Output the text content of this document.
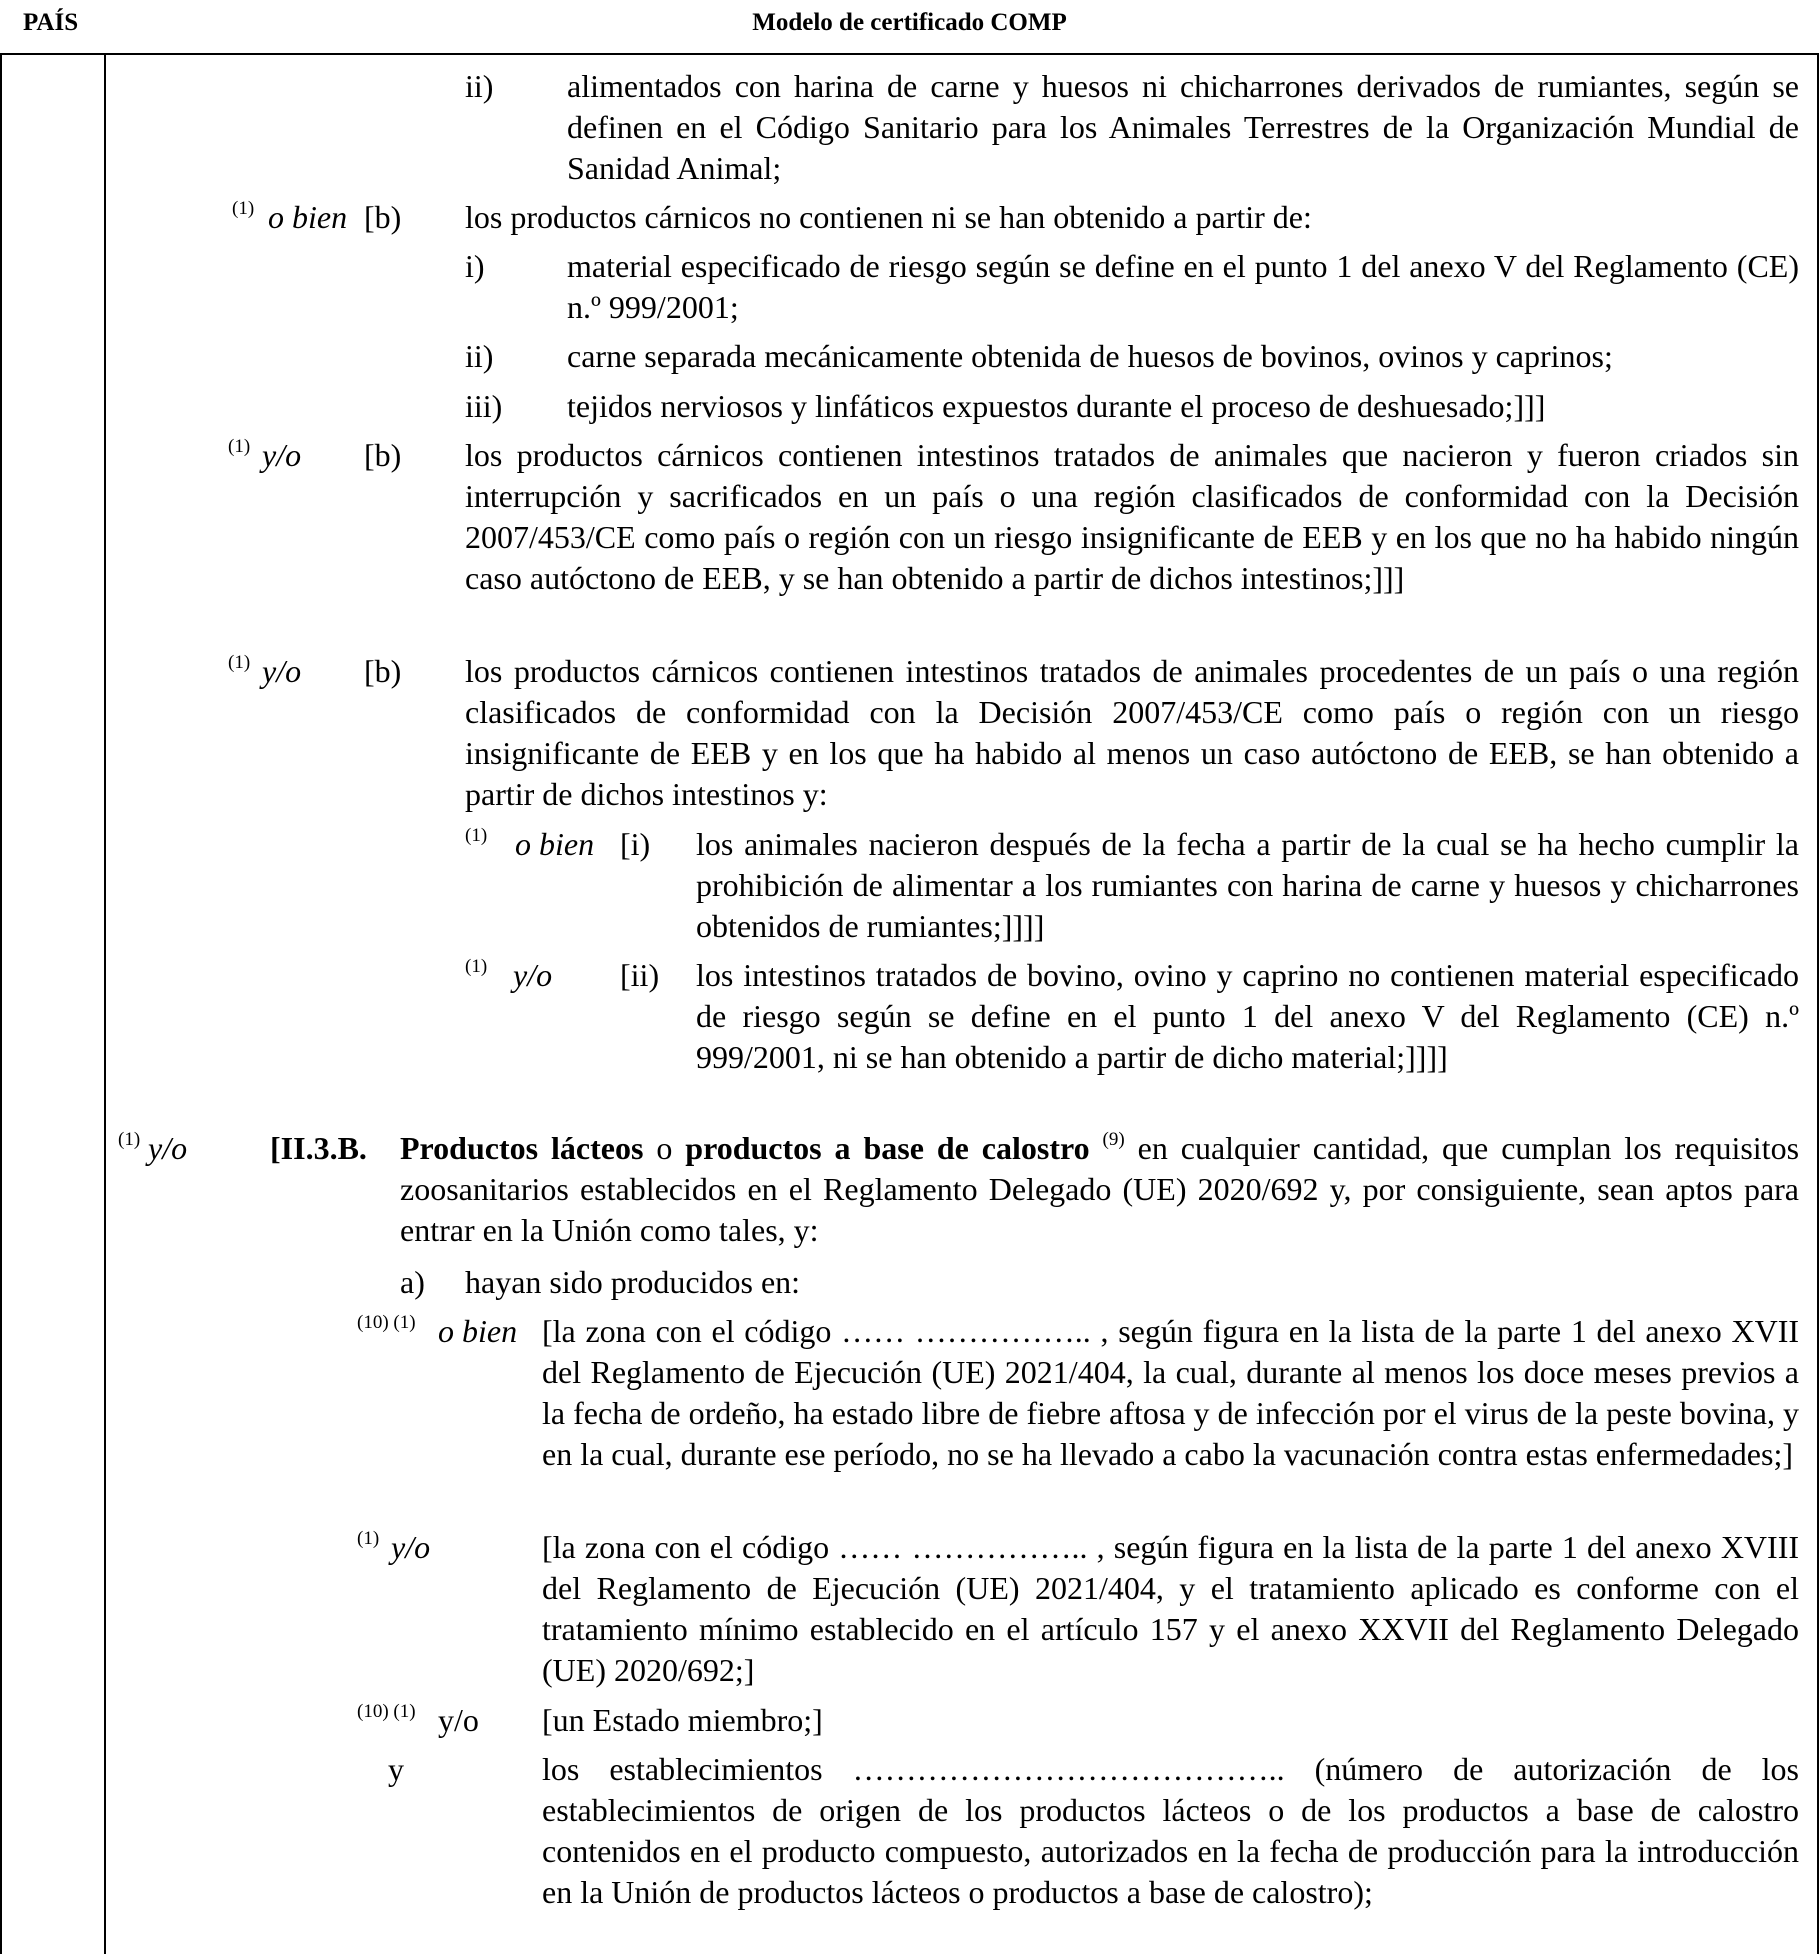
PAÍS	Modelo de certificado COMP
ii) alimentados con harina de carne y huesos ni chicharrones derivados de rumiantes, según se definen en el Código Sanitario para los Animales Terrestres de la Organización Mundial de Sanidad Animal;
$^{(1)}$ o bien [b) los productos cárnicos no contienen ni se han obtenido a partir de:
i)	material especificado de riesgo según se define en el punto 1 del anexo V del Reglamento (CE) n.º 999/2001;
ii) carne separada mecánicamente obtenida de huesos de bovinos, ovinos y caprinos;
iii) tejidos nerviosos y linfáticos expuestos durante el proceso de deshuesado;]]]
$^{(1)}$ y/o [b) los productos cárnicos contienen intestinos tratados de animales que nacieron y fueron criados sin interrupción y sacrificados en un país o una región clasificados de conformidad con la Decisión 2007/453/CE como país o región con un riesgo insignificante de EEB y en los que no ha habido ningún caso autóctono de EEB, y se han obtenido a partir de dichos intestinos;]]]
$^{(1)}$ y/o [b) los productos cárnicos contienen intestinos tratados de animales procedentes de un país o una región clasificados de conformidad con la Decisión 2007/453/CE como país o región con un riesgo insignificante de EEB y en los que ha habido al menos un caso autóctono de EEB, se han obtenido a partir de dichos intestinos y:
$^{(1)}$ o bien [i) los animales nacieron después de la fecha a partir de la cual se ha hecho cumplir la prohibición de alimentar a los rumiantes con harina de carne y huesos y chicharrones obtenidos de rumiantes;]]]]
$^{(1)}$ y/o [ii) los intestinos tratados de bovino, ovino y caprino no contienen material especificado de riesgo según se define en el punto 1 del anexo V del Reglamento (CE) n.º 999/2001, ni se han obtenido a partir de dicho material;]]]]
$^{(1)}$ y/o	[II.3.B. Productos lácteos o productos a base de calostro $^{(9)}$ en cualquier cantidad, que cumplan los requisitos zoosanitarios establecidos en el Reglamento Delegado (UE) 2020/692 y, por consiguiente, sean aptos para entrar en la Unión como tales, y:
a) hayan sido producidos en:
$^{(10) (1)}$ o bien [la zona con el código …… …………….. , según figura en la lista de la parte 1 del anexo XVII del Reglamento de Ejecución (UE) 2021/404, la cual, durante al menos los doce meses previos a la fecha de ordeño, ha estado libre de fiebre aftosa y de infección por el virus de la peste bovina, y en la cual, durante ese período, no se ha llevado a cabo la vacunación contra estas enfermedades;]
$^{(1)}$ y/o	[la zona con el código …… …………….. , según figura en la lista de la parte 1 del anexo XVIII del Reglamento de Ejecución (UE) 2021/404, y el tratamiento aplicado es conforme con el tratamiento mínimo establecido en el artículo 157 y el anexo XXVII del Reglamento Delegado (UE) 2020/692;]
$^{(10) (1)}$ y/o [un Estado miembro;]
y	los establecimientos ………………………………….. (número de autorización de los establecimientos de origen de los productos lácteos o de los productos a base de calostro contenidos en el producto compuesto, autorizados en la fecha de producción para la introducción en la Unión de productos lácteos o productos a base de calostro);
